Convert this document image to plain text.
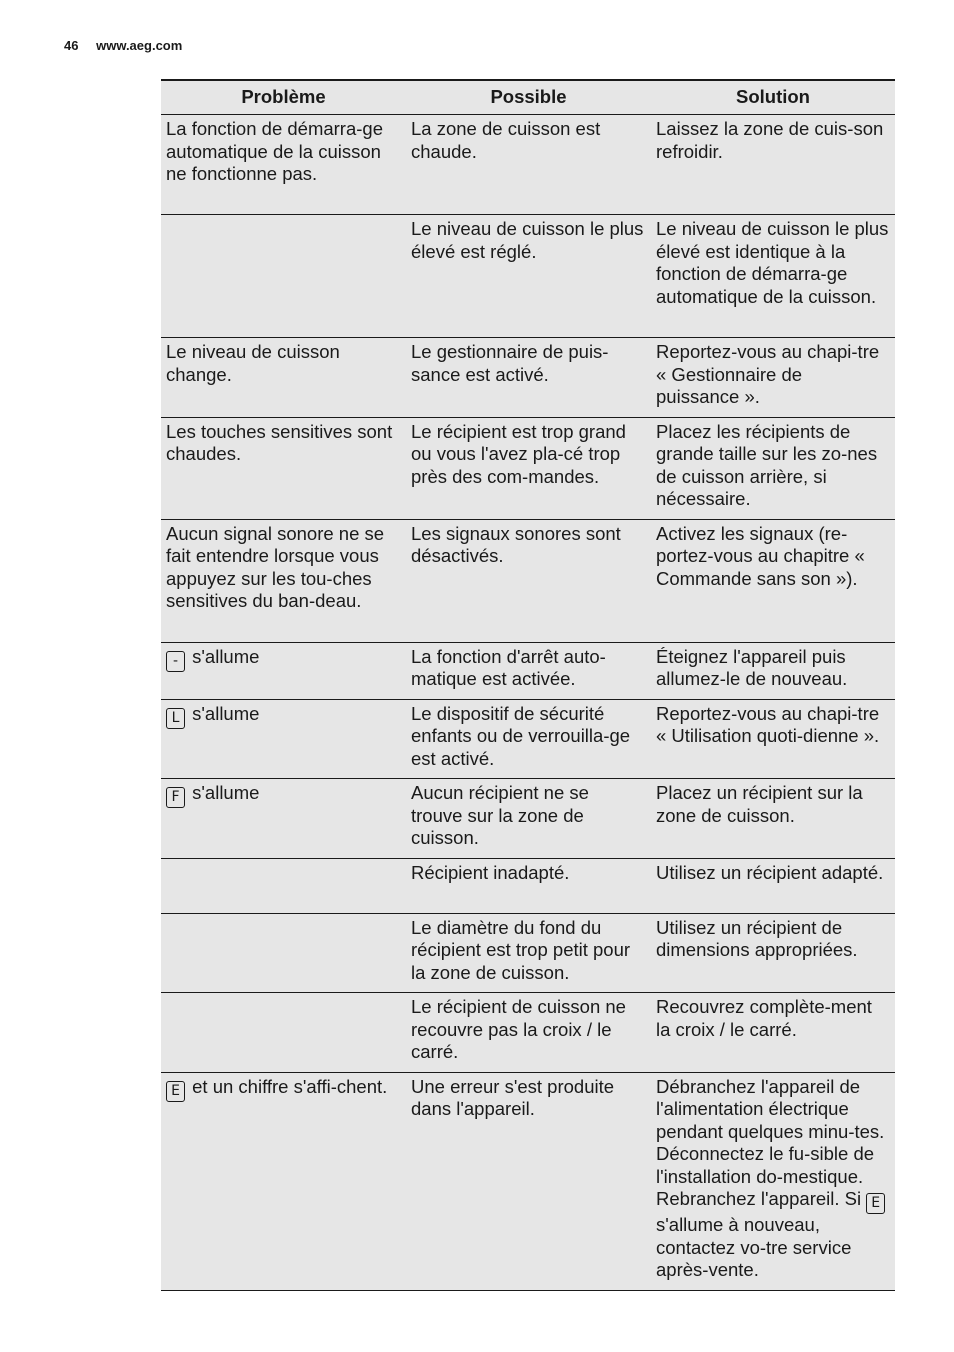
46 www.aeg.com
Problème	Possible	Solution
La fonction de démarra-ge automatique de la cuisson ne fonctionne pas.	La zone de cuisson est chaude.	Laissez la zone de cuis-son refroidir.
	Le niveau de cuisson le plus élevé est réglé.	Le niveau de cuisson le plus élevé est identique à la fonction de démarra-ge automatique de la cuisson.
Le niveau de cuisson change.	Le gestionnaire de puis-sance est activé.	Reportez-vous au chapi-tre « Gestionnaire de puissance ».
Les touches sensitives sont chaudes.	Le récipient est trop grand ou vous l'avez pla-cé trop près des com-mandes.	Placez les récipients de grande taille sur les zo-nes de cuisson arrière, si nécessaire.
Aucun signal sonore ne se fait entendre lorsque vous appuyez sur les tou-ches sensitives du ban-deau.	Les signaux sonores sont désactivés.	Activez les signaux (re-portez-vous au chapitre « Commande sans son »).
- s'allume	La fonction d'arrêt auto-matique est activée.	Éteignez l'appareil puis allumez-le de nouveau.
L s'allume	Le dispositif de sécurité enfants ou de verrouilla-ge est activé.	Reportez-vous au chapi-tre « Utilisation quoti-dienne ».
F s'allume	Aucun récipient ne se trouve sur la zone de cuisson.	Placez un récipient sur la zone de cuisson.
	Récipient inadapté.	Utilisez un récipient adapté.
	Le diamètre du fond du récipient est trop petit pour la zone de cuisson.	Utilisez un récipient de dimensions appropriées.
	Le récipient de cuisson ne recouvre pas la croix / le carré.	Recouvrez complète-ment la croix / le carré.
E et un chiffre s'affi-chent.	Une erreur s'est produite dans l'appareil.	Débranchez l'appareil de l'alimentation électrique pendant quelques minu-tes. Déconnectez le fu-sible de l'installation do-mestique. Rebranchez l'appareil. Si E s'allume à nouveau, contactez vo-tre service après-vente.
